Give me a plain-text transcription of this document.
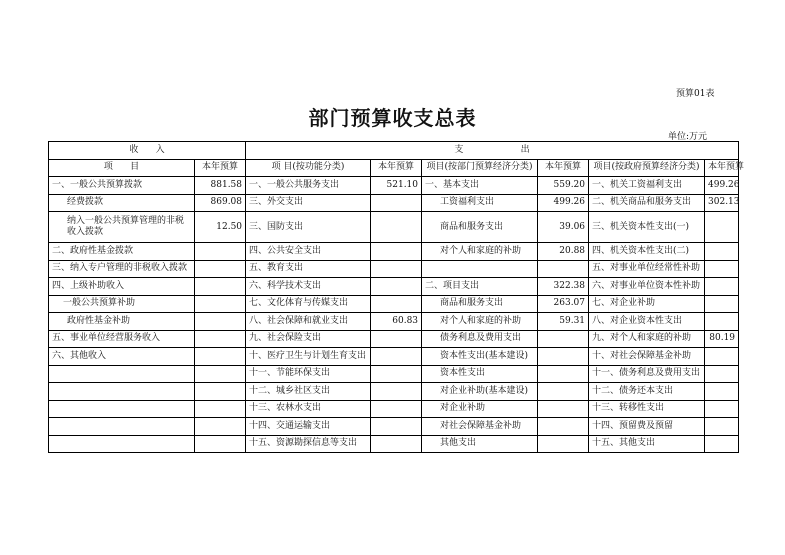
预算01表
部门预算收支总表
单位:万元
收      入		支                    出					
项      目	本年预算	项 目(按功能分类)	本年预算	项目(按部门预算经济分类)	本年预算	项目(按政府预算经济分类)	本年预算
一、一般公共预算拨款	881.58	一、一般公共服务支出	521.10	一、基本支出	559.20	一、机关工资福利支出	499.26
经费拨款	869.08	三、外交支出		工资福利支出	499.26	二、机关商品和服务支出	302.13
纳入一般公共预算管理的非税收入拨款	12.50	三、国防支出		商品和服务支出	39.06	三、机关资本性支出(一)	
二、政府性基金拨款		四、公共安全支出		对个人和家庭的补助	20.88	四、机关资本性支出(二)	
三、纳入专户管理的非税收入拨款		五、教育支出				五、对事业单位经常性补助	
四、上级补助收入		六、科学技术支出		二、项目支出	322.38	六、对事业单位资本性补助	
一般公共预算补助		七、文化体育与传媒支出		商品和服务支出	263.07	七、对企业补助	
政府性基金补助		八、社会保障和就业支出	60.83	对个人和家庭的补助	59.31	八、对企业资本性支出	
五、事业单位经营服务收入		九、社会保险支出		债务利息及费用支出		九、对个人和家庭的补助	80.19
六、其他收入		十、医疗卫生与计划生育支出		资本性支出(基本建设)		十、对社会保障基金补助	
		十一、节能环保支出		资本性支出		十一、债务利息及费用支出	
		十二、城乡社区支出		对企业补助(基本建设)		十二、债务还本支出	
		十三、农林水支出		对企业补助		十三、转移性支出	
		十四、交通运输支出		对社会保障基金补助		十四、预留费及预留	
		十五、资源勘探信息等支出		其他支出		十五、其他支出	
